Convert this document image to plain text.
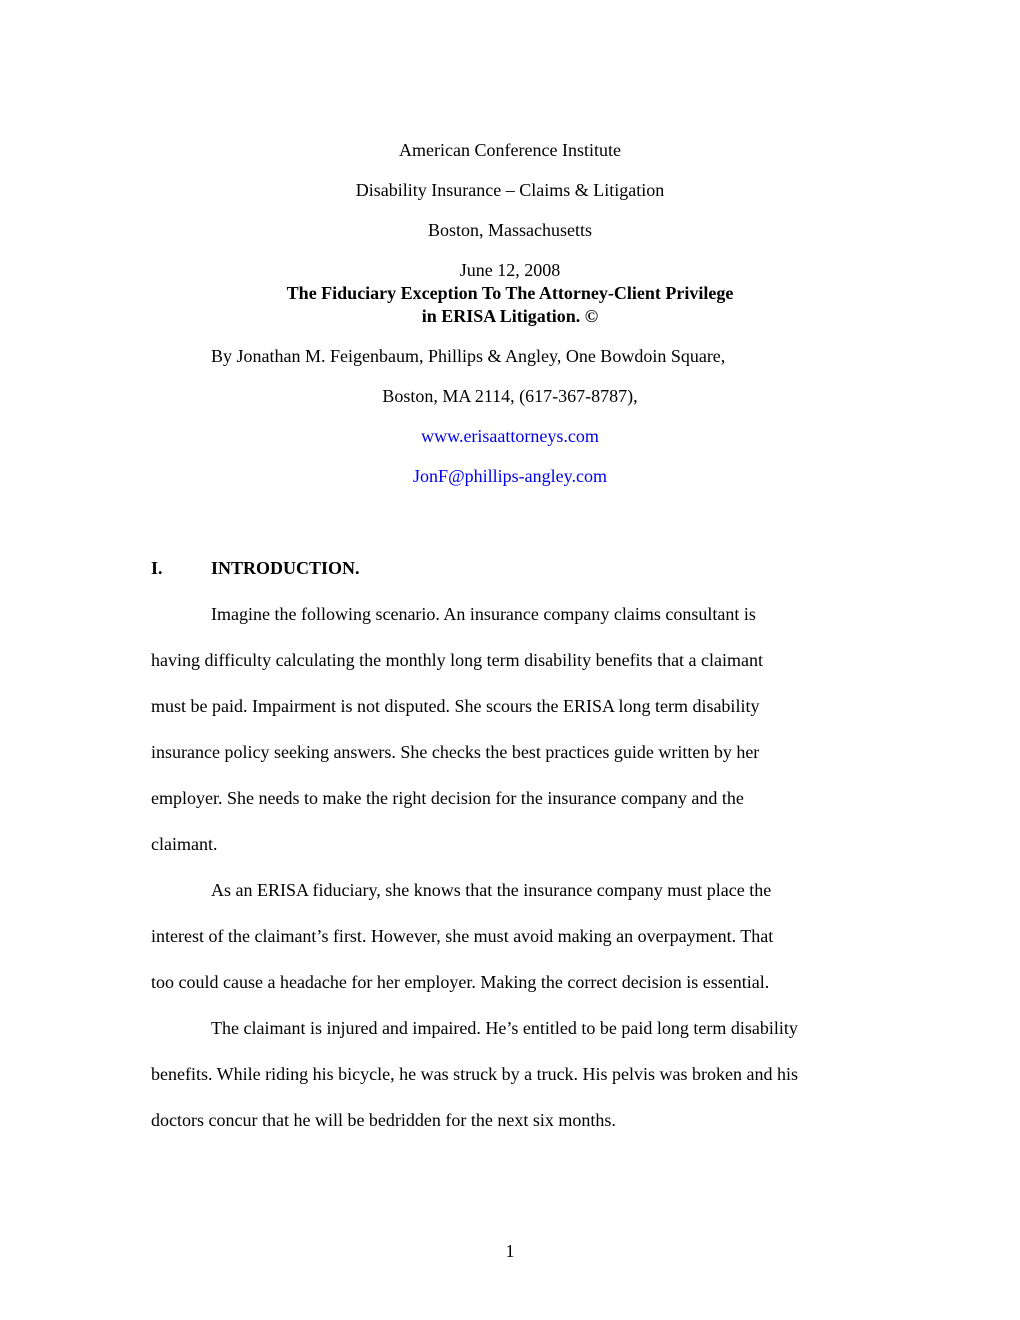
American Conference Institute
Disability Insurance – Claims & Litigation
Boston, Massachusetts
June 12, 2008
The Fiduciary Exception To The Attorney-Client Privilege
in ERISA Litigation. ©
By Jonathan M. Feigenbaum, Phillips & Angley, One Bowdoin Square,
Boston, MA 2114, (617-367-8787),
www.erisaattorneys.com
JonF@phillips-angley.com
I.	INTRODUCTION.
Imagine the following scenario. An insurance company claims consultant is
having difficulty calculating the monthly long term disability benefits that a claimant
must be paid. Impairment is not disputed. She scours the ERISA long term disability
insurance policy seeking answers. She checks the best practices guide written by her
employer. She needs to make the right decision for the insurance company and the
claimant.
As an ERISA fiduciary, she knows that the insurance company must place the
interest of the claimant’s first. However, she must avoid making an overpayment. That
too could cause a headache for her employer. Making the correct decision is essential.
The claimant is injured and impaired. He’s entitled to be paid long term disability
benefits. While riding his bicycle, he was struck by a truck. His pelvis was broken and his
doctors concur that he will be bedridden for the next six months.
1
